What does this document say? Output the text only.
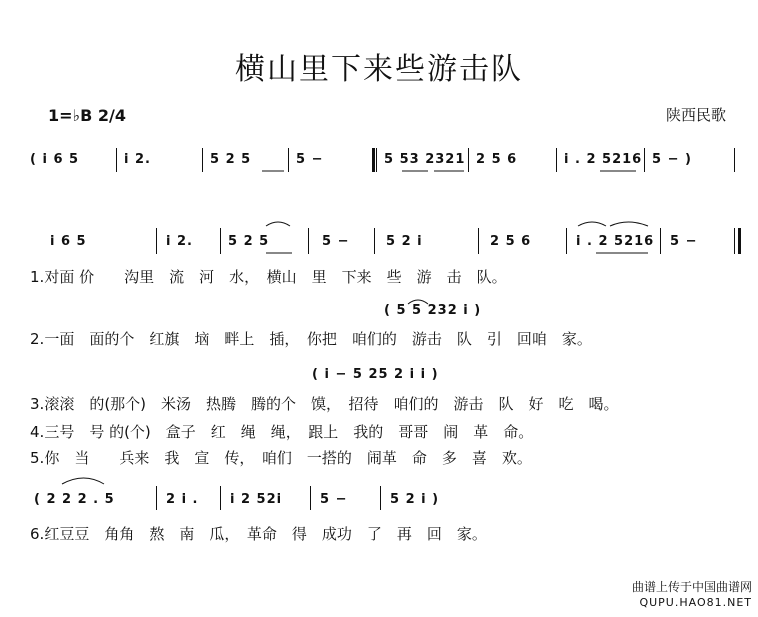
横山里下来些游击队
1=♭B 2/4	陕西民歌
( i 6 5	i 2.	5 2 5	5 −	5 53 2321 2 5 6	i . 2 5216 5 − )
i 6 5	i 2.	5 2 5	5 −	5 2 i	2 5 6	i . 2 5216 5 −
1.对面 价　　沟里　流　河　水，　横山　里　下来　些　游　击　队。
( 5 5 232 i )
2.一面　面的个　红旗　垴　畔上　插，　你把　咱们的　游击　队　引　回咱　家。
( i − 5 25 2 i i )
3.滚滚　的(那个)　米汤　热腾　腾的个　馍，　招待　咱们的　游击　队　好　吃　喝。
4.三号　号 的(个)　盒子　红　绳　绳，　跟上　我的　哥哥　闹　革　命。
5.你　当　　兵来　我　宣　传，　咱们　一搭的　闹革　命　多　喜　欢。
( 2 2 2 . 5	2 i . i 2 52i	5 −	5 2 i )
6.红豆豆　角角　熬　南　瓜，　革命　得　成功　了　再　回　家。
曲谱上传于中国曲谱网
QUPU.HAO81.NET
